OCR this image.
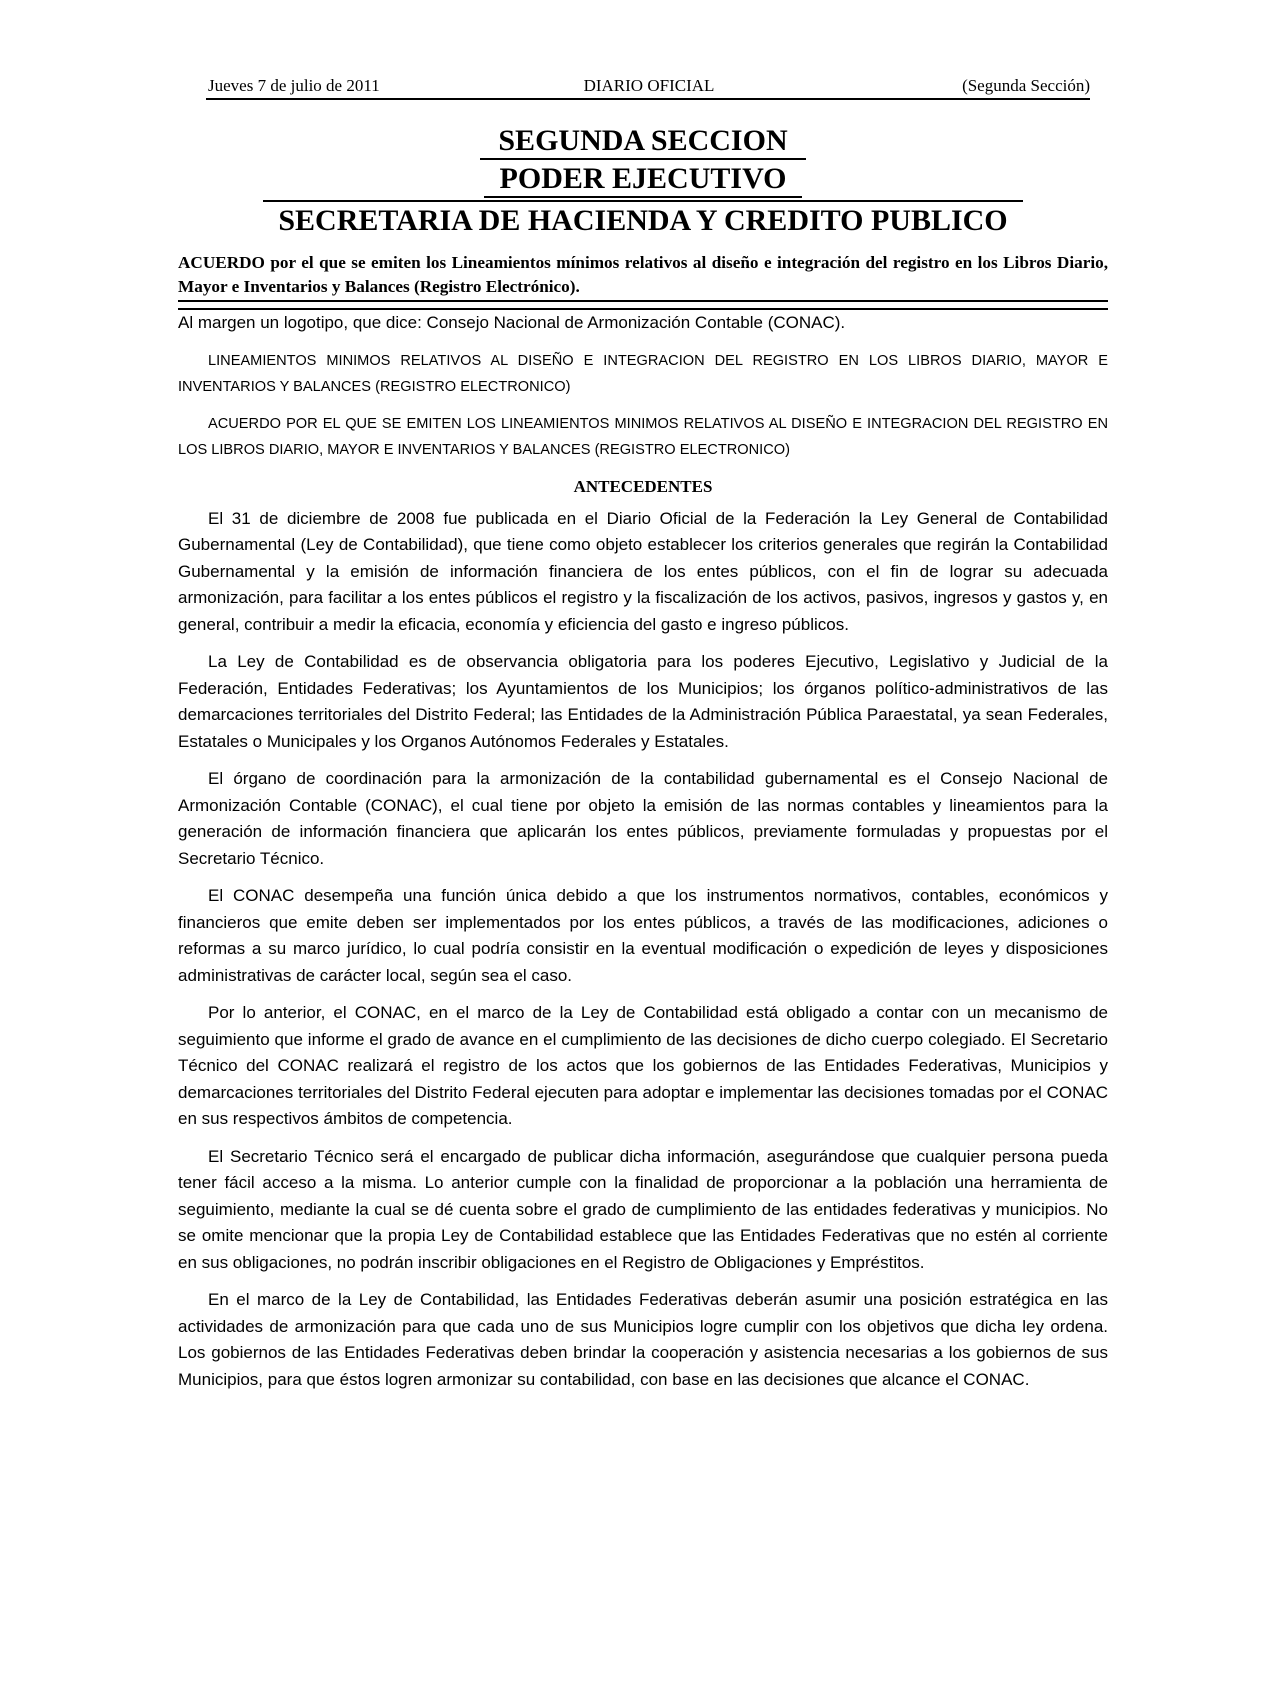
Jueves 7 de julio de 2011	DIARIO OFICIAL	(Segunda Sección)
SEGUNDA SECCION
PODER EJECUTIVO
SECRETARIA DE HACIENDA Y CREDITO PUBLICO
ACUERDO por el que se emiten los Lineamientos mínimos relativos al diseño e integración del registro en los Libros Diario, Mayor e Inventarios y Balances (Registro Electrónico).

Al margen un logotipo, que dice: Consejo Nacional de Armonización Contable (CONAC).

LINEAMIENTOS MINIMOS RELATIVOS AL DISEÑO E INTEGRACION DEL REGISTRO EN LOS LIBROS DIARIO, MAYOR E INVENTARIOS Y BALANCES (REGISTRO ELECTRONICO)

ACUERDO POR EL QUE SE EMITEN LOS LINEAMIENTOS MINIMOS RELATIVOS AL DISEÑO E INTEGRACION DEL REGISTRO EN LOS LIBROS DIARIO, MAYOR E INVENTARIOS Y BALANCES (REGISTRO ELECTRONICO)

ANTECEDENTES

El 31 de diciembre de 2008 fue publicada en el Diario Oficial de la Federación la Ley General de Contabilidad Gubernamental (Ley de Contabilidad), que tiene como objeto establecer los criterios generales que regirán la Contabilidad Gubernamental y la emisión de información financiera de los entes públicos, con el fin de lograr su adecuada armonización, para facilitar a los entes públicos el registro y la fiscalización de los activos, pasivos, ingresos y gastos y, en general, contribuir a medir la eficacia, economía y eficiencia del gasto e ingreso públicos.

La Ley de Contabilidad es de observancia obligatoria para los poderes Ejecutivo, Legislativo y Judicial de la Federación, Entidades Federativas; los Ayuntamientos de los Municipios; los órganos político-administrativos de las demarcaciones territoriales del Distrito Federal; las Entidades de la Administración Pública Paraestatal, ya sean Federales, Estatales o Municipales y los Organos Autónomos Federales y Estatales.

El órgano de coordinación para la armonización de la contabilidad gubernamental es el Consejo Nacional de Armonización Contable (CONAC), el cual tiene por objeto la emisión de las normas contables y lineamientos para la generación de información financiera que aplicarán los entes públicos, previamente formuladas y propuestas por el Secretario Técnico.

El CONAC desempeña una función única debido a que los instrumentos normativos, contables, económicos y financieros que emite deben ser implementados por los entes públicos, a través de las modificaciones, adiciones o reformas a su marco jurídico, lo cual podría consistir en la eventual modificación o expedición de leyes y disposiciones administrativas de carácter local, según sea el caso.

Por lo anterior, el CONAC, en el marco de la Ley de Contabilidad está obligado a contar con un mecanismo de seguimiento que informe el grado de avance en el cumplimiento de las decisiones de dicho cuerpo colegiado. El Secretario Técnico del CONAC realizará el registro de los actos que los gobiernos de las Entidades Federativas, Municipios y demarcaciones territoriales del Distrito Federal ejecuten para adoptar e implementar las decisiones tomadas por el CONAC en sus respectivos ámbitos de competencia.

El Secretario Técnico será el encargado de publicar dicha información, asegurándose que cualquier persona pueda tener fácil acceso a la misma. Lo anterior cumple con la finalidad de proporcionar a la población una herramienta de seguimiento, mediante la cual se dé cuenta sobre el grado de cumplimiento de las entidades federativas y municipios. No se omite mencionar que la propia Ley de Contabilidad establece que las Entidades Federativas que no estén al corriente en sus obligaciones, no podrán inscribir obligaciones en el Registro de Obligaciones y Empréstitos.

En el marco de la Ley de Contabilidad, las Entidades Federativas deberán asumir una posición estratégica en las actividades de armonización para que cada uno de sus Municipios logre cumplir con los objetivos que dicha ley ordena. Los gobiernos de las Entidades Federativas deben brindar la cooperación y asistencia necesarias a los gobiernos de sus Municipios, para que éstos logren armonizar su contabilidad, con base en las decisiones que alcance el CONAC.
